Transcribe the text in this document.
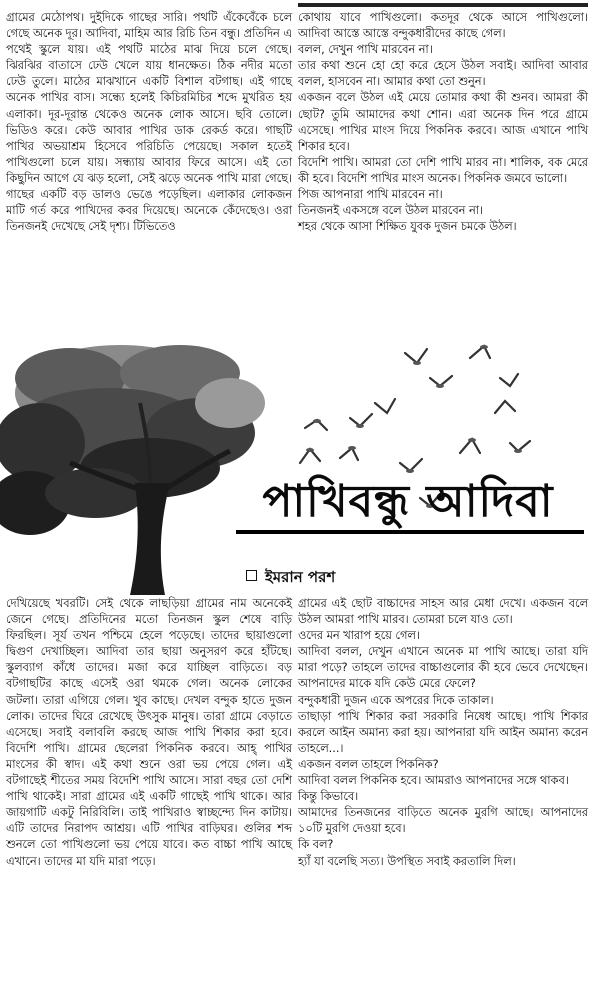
গ্রামের মেঠোপথ। দুইদিকে গাছের সারি। পথটি এঁকেবেঁকে চলে গেছে অনেক দূর। আদিবা, মাহিম আর রিচি তিন বন্ধু। প্রতিদিন এ পথেই স্কুলে যায়। এই পথটি মাঠের মাঝ দিয়ে চলে গেছে। ঝিরঝির বাতাসে ঢেউ খেলে যায় ধানক্ষেত। ঠিক নদীর মতো ঢেউ তুলে। মাঠের মাঝখানে একটি বিশাল বটগাছ। এই গাছে অনেক পাখির বাস। সন্ধ্যে হলেই কিচিরমিচির শব্দে মুখরিত হয় এলাকা। দূর-দূরান্ত থেকেও অনেক লোক আসে। ছবি তোলে। ভিডিও করে। কেউ আবার পাখির ডাক রেকর্ড করে। গাছটি পাখির অভয়াশ্রম হিসেবে পরিচিতি পেয়েছে। সকাল হতেই পাখিগুলো চলে যায়। সন্ধ্যায় আবার ফিরে আসে। এই তো কিছুদিন আগে যে ঝড় হলো, সেই ঝড়ে অনেক পাখি মারা গেছে। গাছের একটি বড় ডালও ভেঙে পড়েছিল। এলাকার লোকজন মাটি গর্ত করে পাখিদের কবর দিয়েছে। অনেকে কেঁদেছেও। ওরা তিনজনই দেখেছে সেই দৃশ্য। টিভিতেও

কোথায় যাবে পাখিগুলো। কতদূর থেকে আসে পাখিগুলো। আদিবা আস্তে আস্তে বন্দুকধারীদের কাছে গেল।

বলল, দেখুন পাখি মারবেন না।

তার কথা শুনে হো হো করে হেসে উঠল সবাই। আদিবা আবার বলল, হাসবেন না। আমার কথা তো শুনুন।

একজন বলে উঠল এই মেয়ে তোমার কথা কী শুনব। আমরা কী ছোট? তুমি আমাদের কথা শোন। এরা অনেক দিন পরে গ্রামে এসেছে। পাখির মাংস দিয়ে পিকনিক করবে। আজ এখানে পাখি শিকার হবে।

বিদেশি পাখি। আমরা তো দেশি পাখি মারব না। শালিক, বক মেরে কী হবে। বিদেশি পাখির মাংস অনেক। পিকনিক জমবে ভালো।

পিজ আপনারা পাখি মারবেন না।

তিনজনই একসঙ্গে বলে উঠল মারবেন না।

শহর থেকে আসা শিক্ষিত যুবক দুজন চমকে উঠল।

পাখিবন্ধু আদিবা
ইমরান পরশ

দেখিয়েছে খবরটি। সেই থেকে লাছড়িয়া গ্রামের নাম অনেকেই জেনে গেছে। প্রতিদিনের মতো তিনজন স্কুল শেষে বাড়ি ফিরছিল। সূর্য তখন পশ্চিমে হেলে পড়েছে। তাদের ছায়াগুলো দ্বিগুণ দেখাচ্ছিল। আদিবা তার ছায়া অনুসরণ করে হাঁটছে। স্কুলব্যাগ কাঁধে তাদের। মজা করে যাচ্ছিল বাড়িতে। বড় বটগাছটির কাছে এসেই ওরা থমকে গেল। অনেক লোকের জটলা। তারা এগিয়ে গেল। খুব কাছে। দেখল বন্দুক হাতে দুজন লোক। তাদের ঘিরে রেখেছে উৎসুক মানুষ। তারা গ্রামে বেড়াতে এসেছে। সবাই বলাবলি করছে আজ পাখি শিকার করা হবে। বিদেশি পাখি। গ্রামের ছেলেরা পিকনিক করবে। আহ্ পাখির মাংসের কী স্বাদ। এই কথা শুনে ওরা ভয় পেয়ে গেল। এই বটগাছেই শীতের সময় বিদেশি পাখি আসে। সারা বছর তো দেশি পাখি থাকেই। সারা গ্রামের এই একটি গাছেই পাখি থাকে। আর জায়গাটি একটু নিরিবিলি। তাই পাখিরাও স্বাচ্ছন্দ্যে দিন কাটায়। এটি তাদের নিরাপদ আশ্রয়। এটি পাখির বাড়িঘর। গুলির শব্দ শুনলে তো পাখিগুলো ভয় পেয়ে যাবে। কত বাচ্চা পাখি আছে এখানে। তাদের মা যদি মারা পড়ে।

গ্রামের এই ছোট বাচ্চাদের সাহস আর মেধা দেখে। একজন বলে উঠল আমরা পাখি মারব। তোমরা চলে যাও তো।

ওদের মন খারাপ হয়ে গেল।

আদিবা বলল, দেখুন এখানে অনেক মা পাখি আছে। তারা যদি মারা পড়ে? তাহলে তাদের বাচ্চাগুলোর কী হবে ভেবে দেখেছেন। আপনাদের মাকে যদি কেউ মেরে ফেলে?

বন্দুকধারী দুজন একে অপরের দিকে তাকাল।

তাছাড়া পাখি শিকার করা সরকারি নিষেধ আছে। পাখি শিকার করলে আইন অমান্য করা হয়। আপনারা যদি আইন অমান্য করেন তাহলে...।

একজন বলল তাহলে পিকনিক?

আদিবা বলল পিকনিক হবে। আমরাও আপনাদের সঙ্গে থাকব।

কিন্তু কিভাবে।

আমাদের তিনজনের বাড়িতে অনেক মুরগি আছে। আপনাদের ১০টি মুরগি দেওয়া হবে।

কি বল?

হ্যাঁ যা বলেছি সত্য। উপস্থিত সবাই করতালি দিল।
